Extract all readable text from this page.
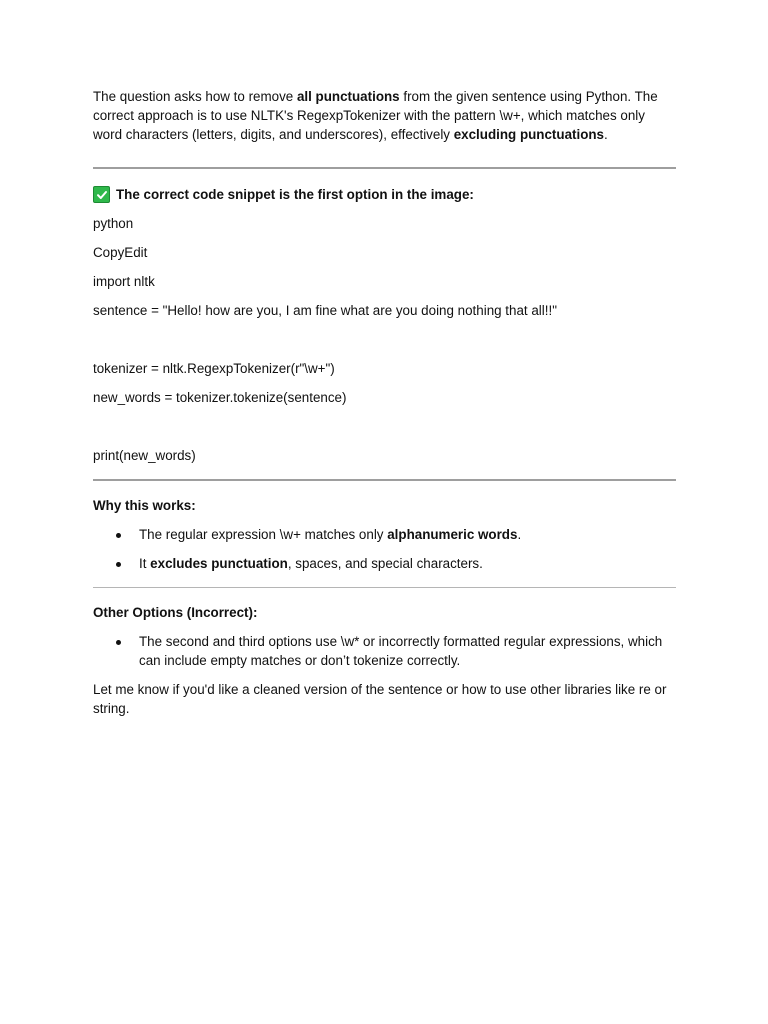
The question asks how to remove all punctuations from the given sentence using Python. The correct approach is to use NLTK's RegexpTokenizer with the pattern \w+, which matches only word characters (letters, digits, and underscores), effectively excluding punctuations.

The correct code snippet is the first option in the image:

python

CopyEdit

import nltk

sentence = "Hello! how are you, I am fine what are you doing nothing that all!!"

tokenizer = nltk.RegexpTokenizer(r"\w+")

new_words = tokenizer.tokenize(sentence)

print(new_words)

Why this works:

The regular expression \w+ matches only alphanumeric words.
It excludes punctuation, spaces, and special characters.

Other Options (Incorrect):

The second and third options use \w* or incorrectly formatted regular expressions, which can include empty matches or don’t tokenize correctly.

Let me know if you'd like a cleaned version of the sentence or how to use other libraries like re or string.
